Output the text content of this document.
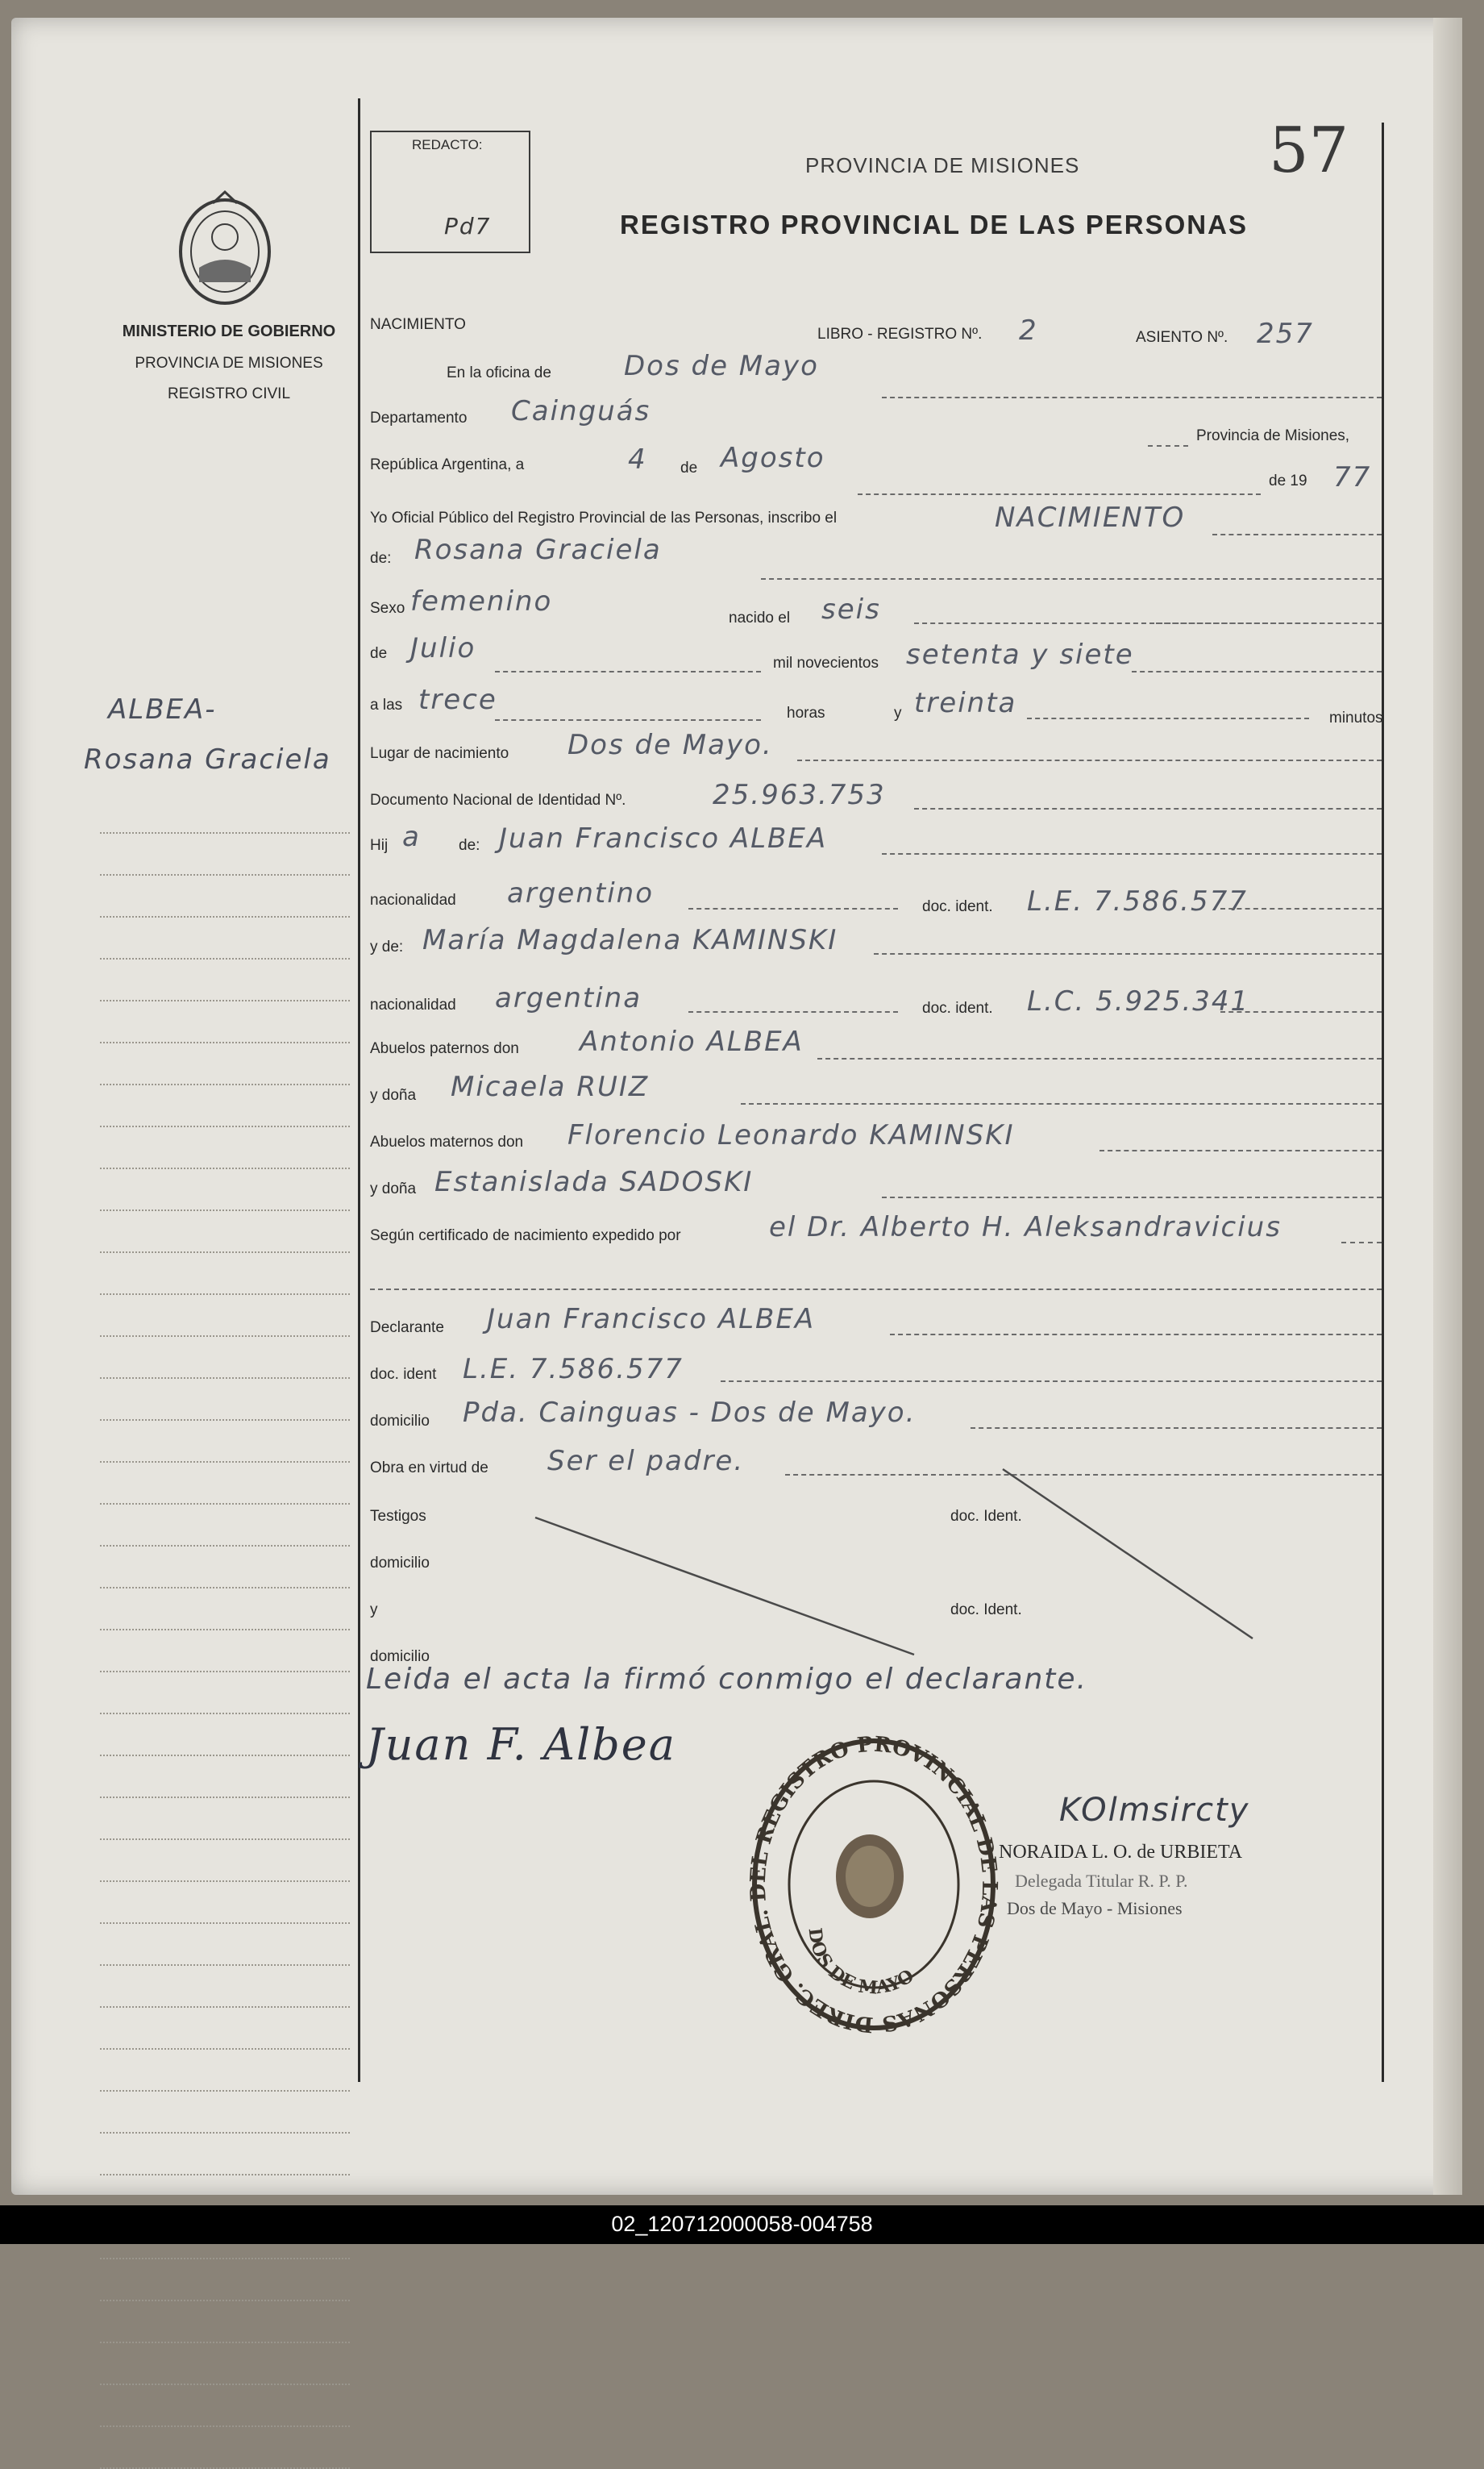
MINISTERIO DE GOBIERNO
PROVINCIA DE MISIONES
REGISTRO CIVIL
ALBEA-
Rosana Graciela
REDACTO:
Pd7
57
PROVINCIA DE MISIONES
REGISTRO PROVINCIAL DE LAS PERSONAS
NACIMIENTO
LIBRO - REGISTRO Nº. 2	ASIENTO Nº. 257
En la oficina de	Dos de Mayo
Departamento Cainguás
Provincia de Misiones,
República Argentina, a	4 de Agosto
de 19 77
Yo Oficial Público del Registro Provincial de las Personas, inscribo el	NACIMIENTO
de: Rosana Graciela
Sexo femenino
nacido el seis
de Julio	mil novecientos setenta y siete
a las trece	horas	y treinta	minutos
Lugar de nacimiento Dos de Mayo.
Documento Nacional de Identidad Nº.	25.963.753
Hij a de: Juan Francisco ALBEA
nacionalidad argentino	doc. ident. L.E. 7.586.577
y de: María Magdalena KAMINSKI
nacionalidad argentina	doc. ident. L.C. 5.925.341
Abuelos paternos don Antonio ALBEA
y doña Micaela RUIZ
Abuelos maternos don Florencio Leonardo KAMINSKI
y doña Estanislada SADOSKI
Según certificado de nacimiento expedido por	el Dr. Alberto H. Aleksandravicius
Declarante Juan Francisco ALBEA
doc. ident L.E. 7.586.577
domicilio Pda. Cainguas - Dos de Mayo.
Obra en virtud de Ser el padre.
Testigos	doc. Ident.
domicilio
y	doc. Ident.
domicilio
Leida el acta la firmó conmigo el declarante.
Juan F. Albea
DIREC. GRAL. DEL REGISTRO PROVINCIAL DE LAS PERSONAS
DOS DE MAYO
KOlmsircty
NORAIDA L. O. de URBIETA
Delegada Titular R. P. P.
Dos de Mayo - Misiones
02_120712000058-004758
